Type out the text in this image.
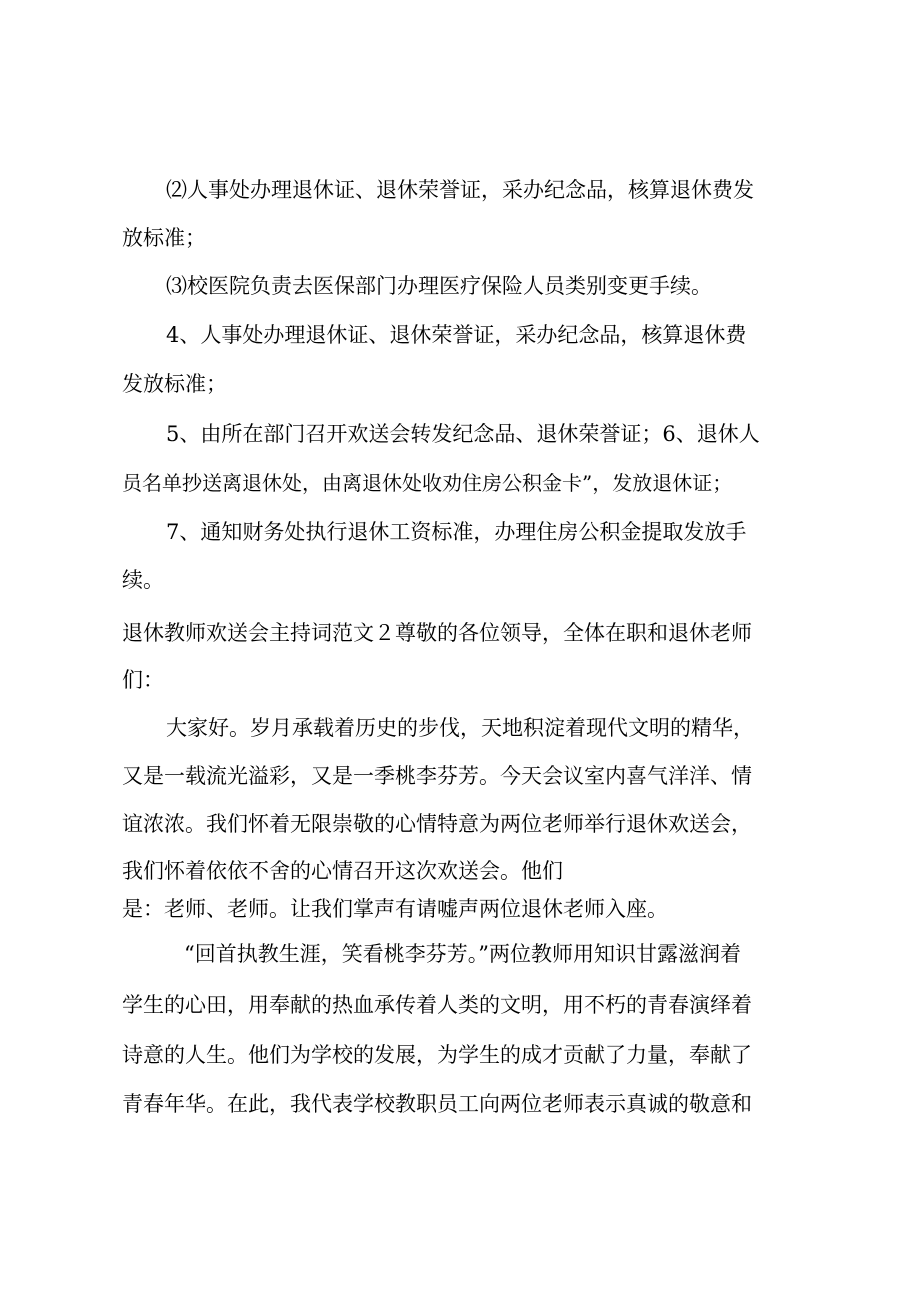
⑵人事处办理退休证、退休荣誉证，采办纪念品，核算退休费发
放标准；
⑶校医院负责去医保部门办理医疗保险人员类别变更手续。
4、人事处办理退休证、退休荣誉证，采办纪念品，核算退休费
发放标准；
5、由所在部门召开欢送会转发纪念品、退休荣誉证；6、退休人
员名单抄送离退休处，由离退休处收劝住房公积金卡”，发放退休证；
7、通知财务处执行退休工资标准，办理住房公积金提取发放手
续。
退休教师欢送会主持词范文２尊敬的各位领导，全体在职和退休老师
们：
大家好。岁月承载着历史的步伐，天地积淀着现代文明的精华，
又是一载流光溢彩，又是一季桃李芬芳。今天会议室内喜气洋洋、情
谊浓浓。我们怀着无限崇敬的心情特意为两位老师举行退休欢送会，
我们怀着依依不舍的心情召开这次欢送会。他们
是：老师、老师。让我们掌声有请嘘声两位退休老师入座。
“回首执教生涯，笑看桃李芬芳。”两位教师用知识甘露滋润着
学生的心田，用奉献的热血承传着人类的文明，用不朽的青春演绎着
诗意的人生。他们为学校的发展，为学生的成才贡献了力量，奉献了
青春年华。在此，我代表学校教职员工向两位老师表示真诚的敬意和
